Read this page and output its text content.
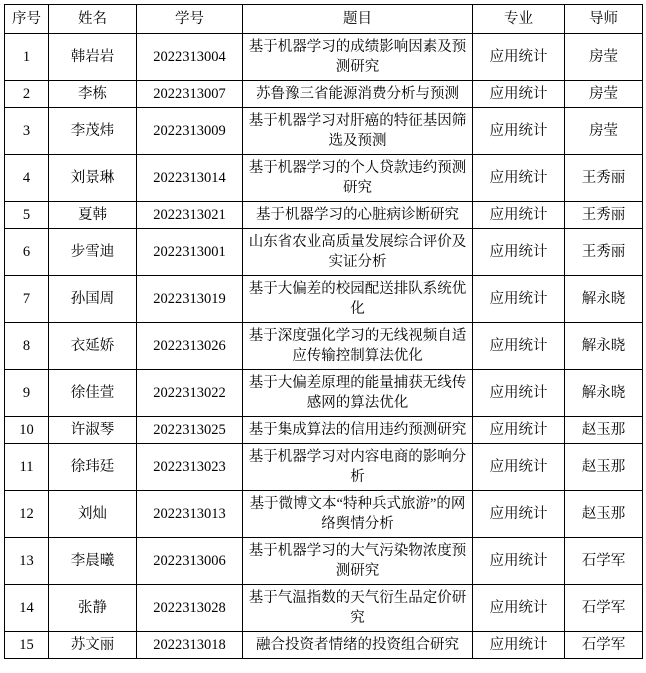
序号	姓名	学号	题目	专业	导师
1	韩岩岩	2022313004	基于机器学习的成绩影响因素及预测研究	应用统计	房莹
2	李栋	2022313007	苏鲁豫三省能源消费分析与预测	应用统计	房莹
3	李茂炜	2022313009	基于机器学习对肝癌的特征基因筛选及预测	应用统计	房莹
4	刘景琳	2022313014	基于机器学习的个人贷款违约预测研究	应用统计	王秀丽
5	夏韩	2022313021	基于机器学习的心脏病诊断研究	应用统计	王秀丽
6	步雪迪	2022313001	山东省农业高质量发展综合评价及实证分析	应用统计	王秀丽
7	孙国周	2022313019	基于大偏差的校园配送排队系统优化	应用统计	解永晓
8	衣延娇	2022313026	基于深度强化学习的无线视频自适应传输控制算法优化	应用统计	解永晓
9	徐佳萱	2022313022	基于大偏差原理的能量捕获无线传感网的算法优化	应用统计	解永晓
10	许淑琴	2022313025	基于集成算法的信用违约预测研究	应用统计	赵玉那
11	徐玮廷	2022313023	基于机器学习对内容电商的影响分析	应用统计	赵玉那
12	刘灿	2022313013	基于微博文本“特种兵式旅游”的网络舆情分析	应用统计	赵玉那
13	李晨曦	2022313006	基于机器学习的大气污染物浓度预测研究	应用统计	石学军
14	张静	2022313028	基于气温指数的天气衍生品定价研究	应用统计	石学军
15	苏文丽	2022313018	融合投资者情绪的投资组合研究	应用统计	石学军
